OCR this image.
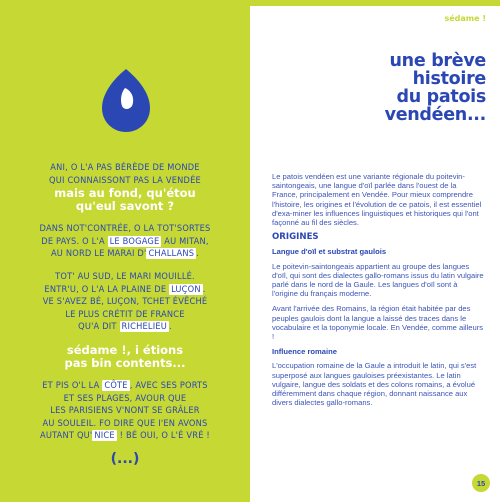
ANI, O L'A PAS BÉRÈDE DE MONDE
QUI CONNAISSONT PAS LA VENDÉE
mais au fond, qu'étou
qu'eul savont ?
DANS NOT'CONTRÉE, O LA TOT'SORTES
DE PAYS. O L'A LE BOGAGE AU MITAN,
AU NORD LE MARAI D' CHALLANS .
TOT' AU SUD, LE MARI MOUILLÉ.
ENTR'U, O L'A LA PLAINE DE LUÇON .
VE S'AVEZ BÉ, LUÇON, TCHET ÉVÊCHÉ
LE PLUS CRÉTIT DE FRANCE
QU'A DIT RICHELIEU .
sédame !, i étions
pas bin contents...
ET PIS O'L LA CÔTE , AVEC SES PORTS
ET SES PLAGES, AVOUR QUE
LES PARISIENS V'NONT SE GRÂLER
AU SOULEIL. FO DIRE QUE I'EN AVONS
AUTANT QU' NICE ! BÉ OUI, O L'É VRÉ !
(...)
sédame !
une brève
histoire
du patois
vendéen...

Le patois vendéen est une variante régionale du poitevin-saintongeais, une langue d'oïl parlée dans l'ouest de la France, principalement en Vendée. Pour mieux comprendre l'histoire, les origines et l'évolution de ce patois, il est essentiel d'exa-miner les influences linguistiques et historiques qui l'ont façonné au fil des siècles.

ORIGINES
Langue d'oïl et substrat gaulois

Le poitevin-saintongeais appartient au groupe des langues d'oïl, qui sont des dialectes gallo-romans issus du latin vulgaire parlé dans le nord de la Gaule. Les langues d'oïl sont à l'origine du français moderne.

Avant l'arrivée des Romains, la région était habitée par des peuples gaulois dont la langue a laissé des traces dans le vocabulaire et la toponymie locale. En Vendée, comme ailleurs !

Influence romaine

L'occupation romaine de la Gaule a introduit le latin, qui s'est superposé aux langues gauloises préexistantes. Le latin vulgaire, langue des soldats et des colons romains, a évolué différemment dans chaque région, donnant naissance aux divers dialectes gallo-romans.

15
